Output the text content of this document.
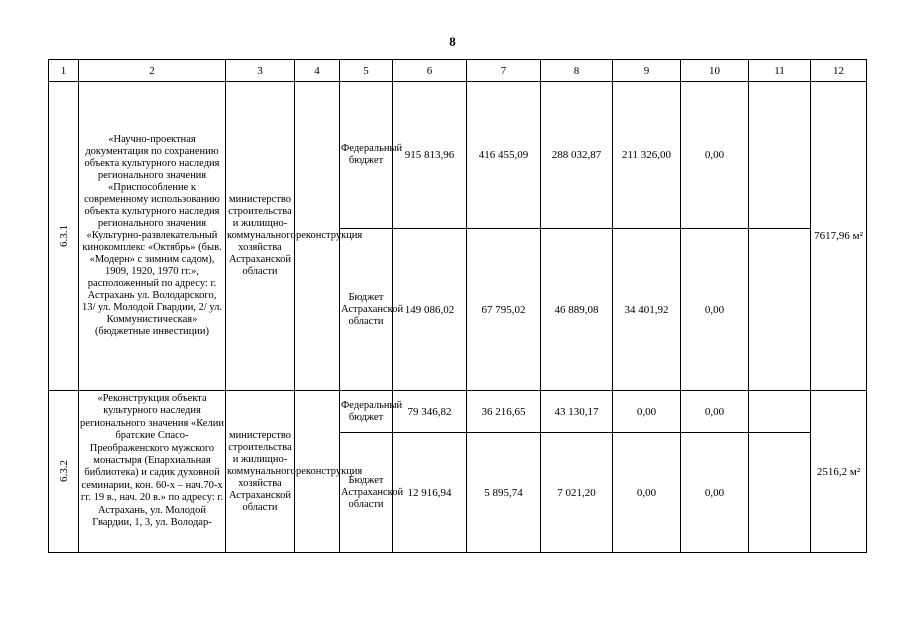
8
1	2	3	4	5	6	7	8	9	10	11	12
6.3.1	«Научно-проектная документация по сохранению объекта культурного наследия регионального значения «Приспособление к современному использованию объекта культурного наследия регионального значения «Культурно-развлекательный кинокомплекс «Октябрь» (быв. «Модерн» с зимним садом), 1909, 1920, 1970 гг.», расположенный по адресу: г. Астрахань ул. Володарского, 13/ ул. Молодой Гвардии, 2/ ул. Коммунистическая» (бюджетные инвестиции)	министерство строительства и жилищно-коммунального хозяйства Астраханской области	реконструкция	Федеральный бюджет	915 813,96	416 455,09	288 032,87	211 326,00	0,00		7617,96 м²
				Бюджет Астраханской области	149 086,02	67 795,02	46 889,08	34 401,92	0,00		
6.3.2	«Реконструкция объекта культурного наследия регионального значения «Келии братские Спасо-Преображенского мужского монастыря (Епархиальная библиотека) и садик духовной семинарии, кон. 60-х – нач.70-х гг. 19 в., нач. 20 в.» по адресу: г. Астрахань, ул. Молодой Гвардии, 1, 3, ул. Володар-	министерство строительства и жилищно-коммунального хозяйства Астраханской области	реконструкция	Федеральный бюджет	79 346,82	36 216,65	43 130,17	0,00	0,00		2516,2 м²
				Бюджет Астраханской области	12 916,94	5 895,74	7 021,20	0,00	0,00		
